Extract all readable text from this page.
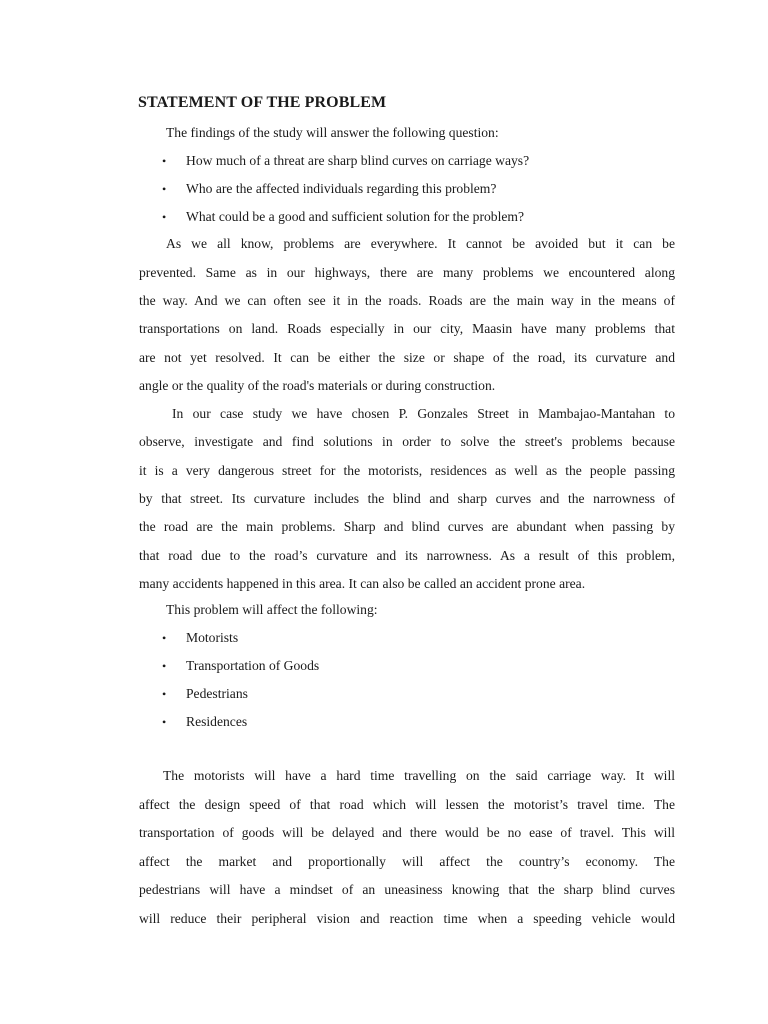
STATEMENT OF THE PROBLEM

The findings of the study will answer the following question:

• How much of a threat are sharp blind curves on carriage ways?

• Who are the affected individuals regarding this problem?

• What could be a good and sufficient solution for the problem?

As we all know, problems are everywhere. It cannot be avoided but it can be

prevented. Same as in our highways, there are many problems we encountered along

the way. And we can often see it in the roads. Roads are the main way in the means of

transportations on land. Roads especially in our city, Maasin have many problems that

are not yet resolved. It can be either the size or shape of the road, its curvature and

angle or the quality of the road's materials or during construction.

In our case study we have chosen P. Gonzales Street in Mambajao-Mantahan to

observe, investigate and find solutions in order to solve the street's problems because

it is a very dangerous street for the motorists, residences as well as the people passing

by that street. Its curvature includes the blind and sharp curves and the narrowness of

the road are the main problems. Sharp and blind curves are abundant when passing by

that road due to the road’s curvature and its narrowness. As a result of this problem,

many accidents happened in this area. It can also be called an accident prone area.

This problem will affect the following:

• Motorists

• Transportation of Goods

• Pedestrians

• Residences

The motorists will have a hard time travelling on the said carriage way. It will

affect the design speed of that road which will lessen the motorist’s travel time. The

transportation of goods will be delayed and there would be no ease of travel. This will

affect the market and proportionally will affect the country’s economy. The

pedestrians will have a mindset of an uneasiness knowing that the sharp blind curves

will reduce their peripheral vision and reaction time when a speeding vehicle would
